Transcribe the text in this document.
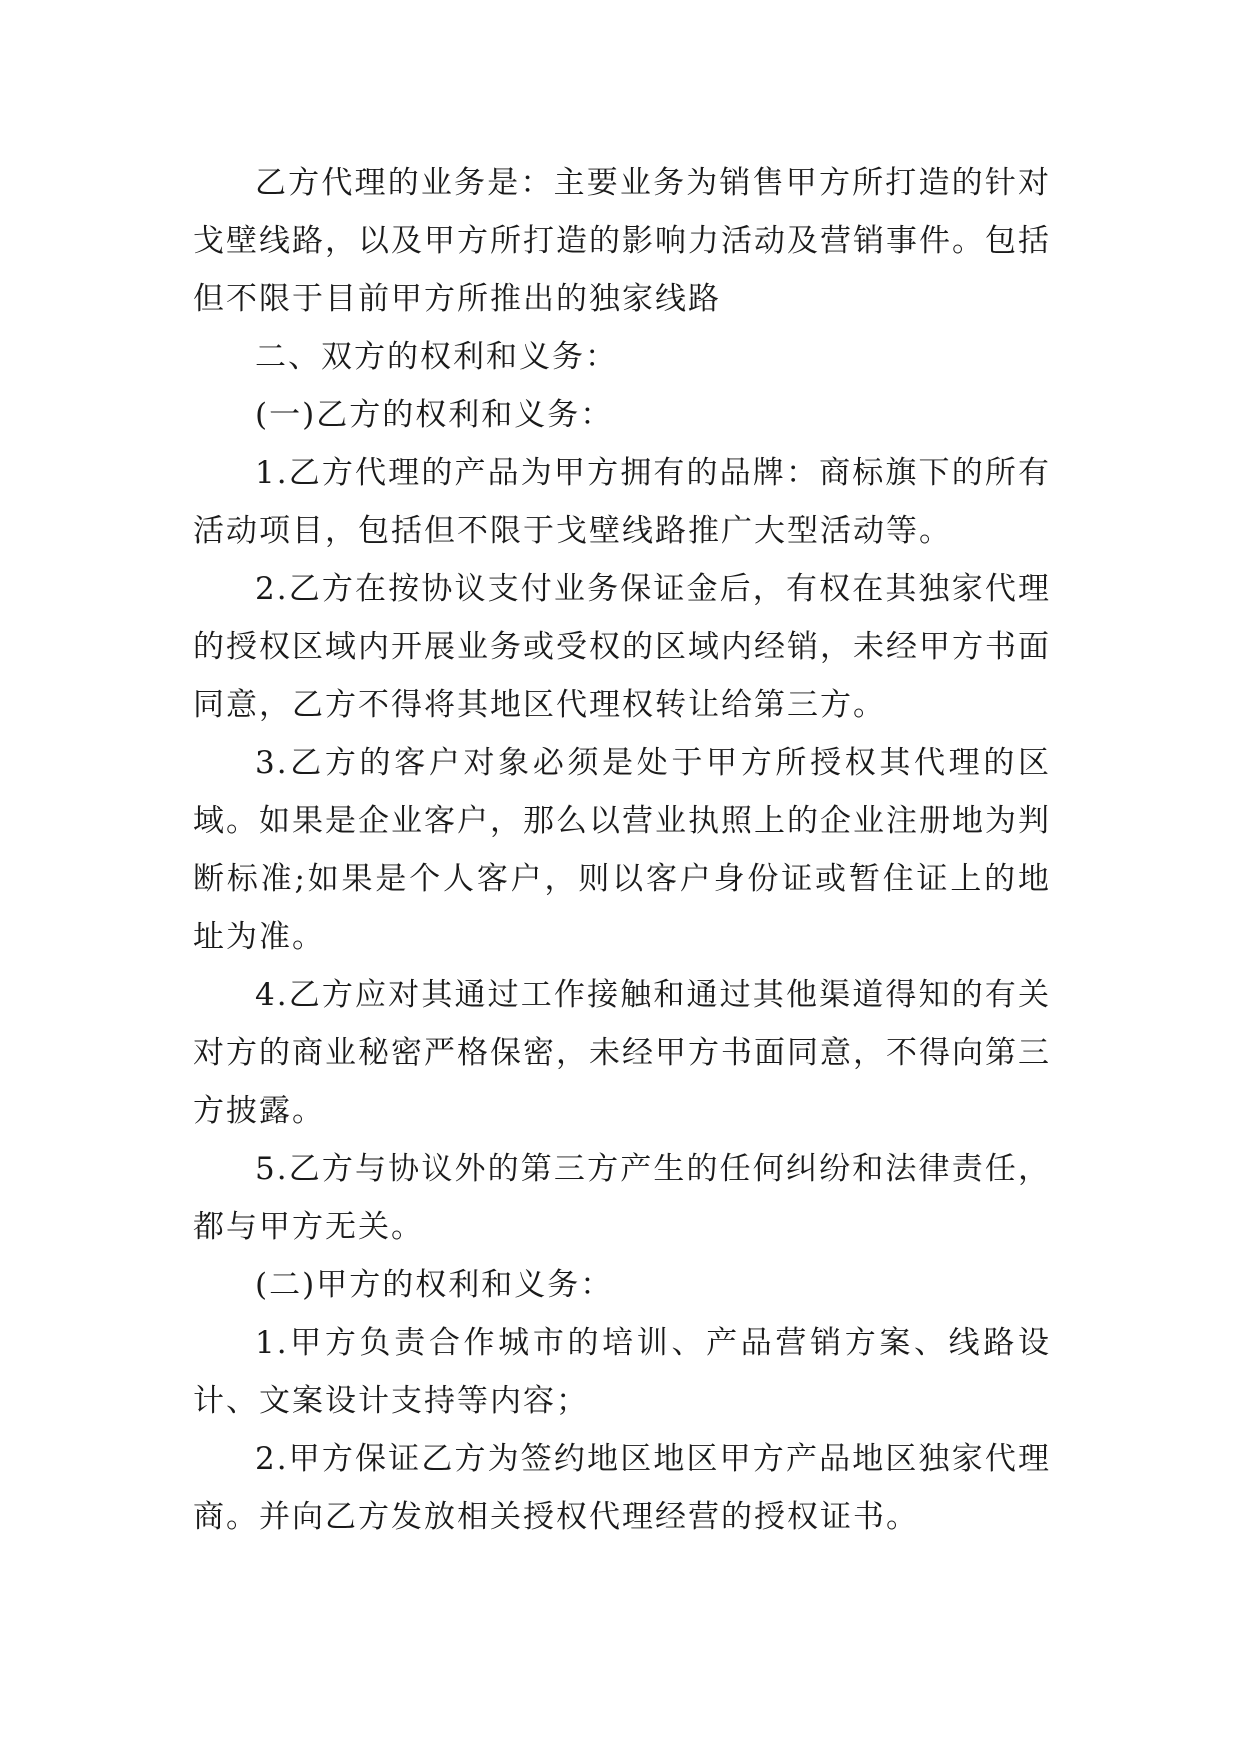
乙方代理的业务是：主要业务为销售甲方所打造的针对戈壁线路，以及甲方所打造的影响力活动及营销事件。包括但不限于目前甲方所推出的独家线路

二、双方的权利和义务：

(一)乙方的权利和义务：

1.乙方代理的产品为甲方拥有的品牌：商标旗下的所有活动项目，包括但不限于戈壁线路推广大型活动等。

2.乙方在按协议支付业务保证金后，有权在其独家代理的授权区域内开展业务或受权的区域内经销，未经甲方书面同意，乙方不得将其地区代理权转让给第三方。

3.乙方的客户对象必须是处于甲方所授权其代理的区域。如果是企业客户，那么以营业执照上的企业注册地为判断标准;如果是个人客户，则以客户身份证或暂住证上的地址为准。

4.乙方应对其通过工作接触和通过其他渠道得知的有关对方的商业秘密严格保密，未经甲方书面同意，不得向第三方披露。

5.乙方与协议外的第三方产生的任何纠纷和法律责任，都与甲方无关。

(二)甲方的权利和义务：

1.甲方负责合作城市的培训、产品营销方案、线路设计、文案设计支持等内容；

2.甲方保证乙方为签约地区地区甲方产品地区独家代理商。并向乙方发放相关授权代理经营的授权证书。
